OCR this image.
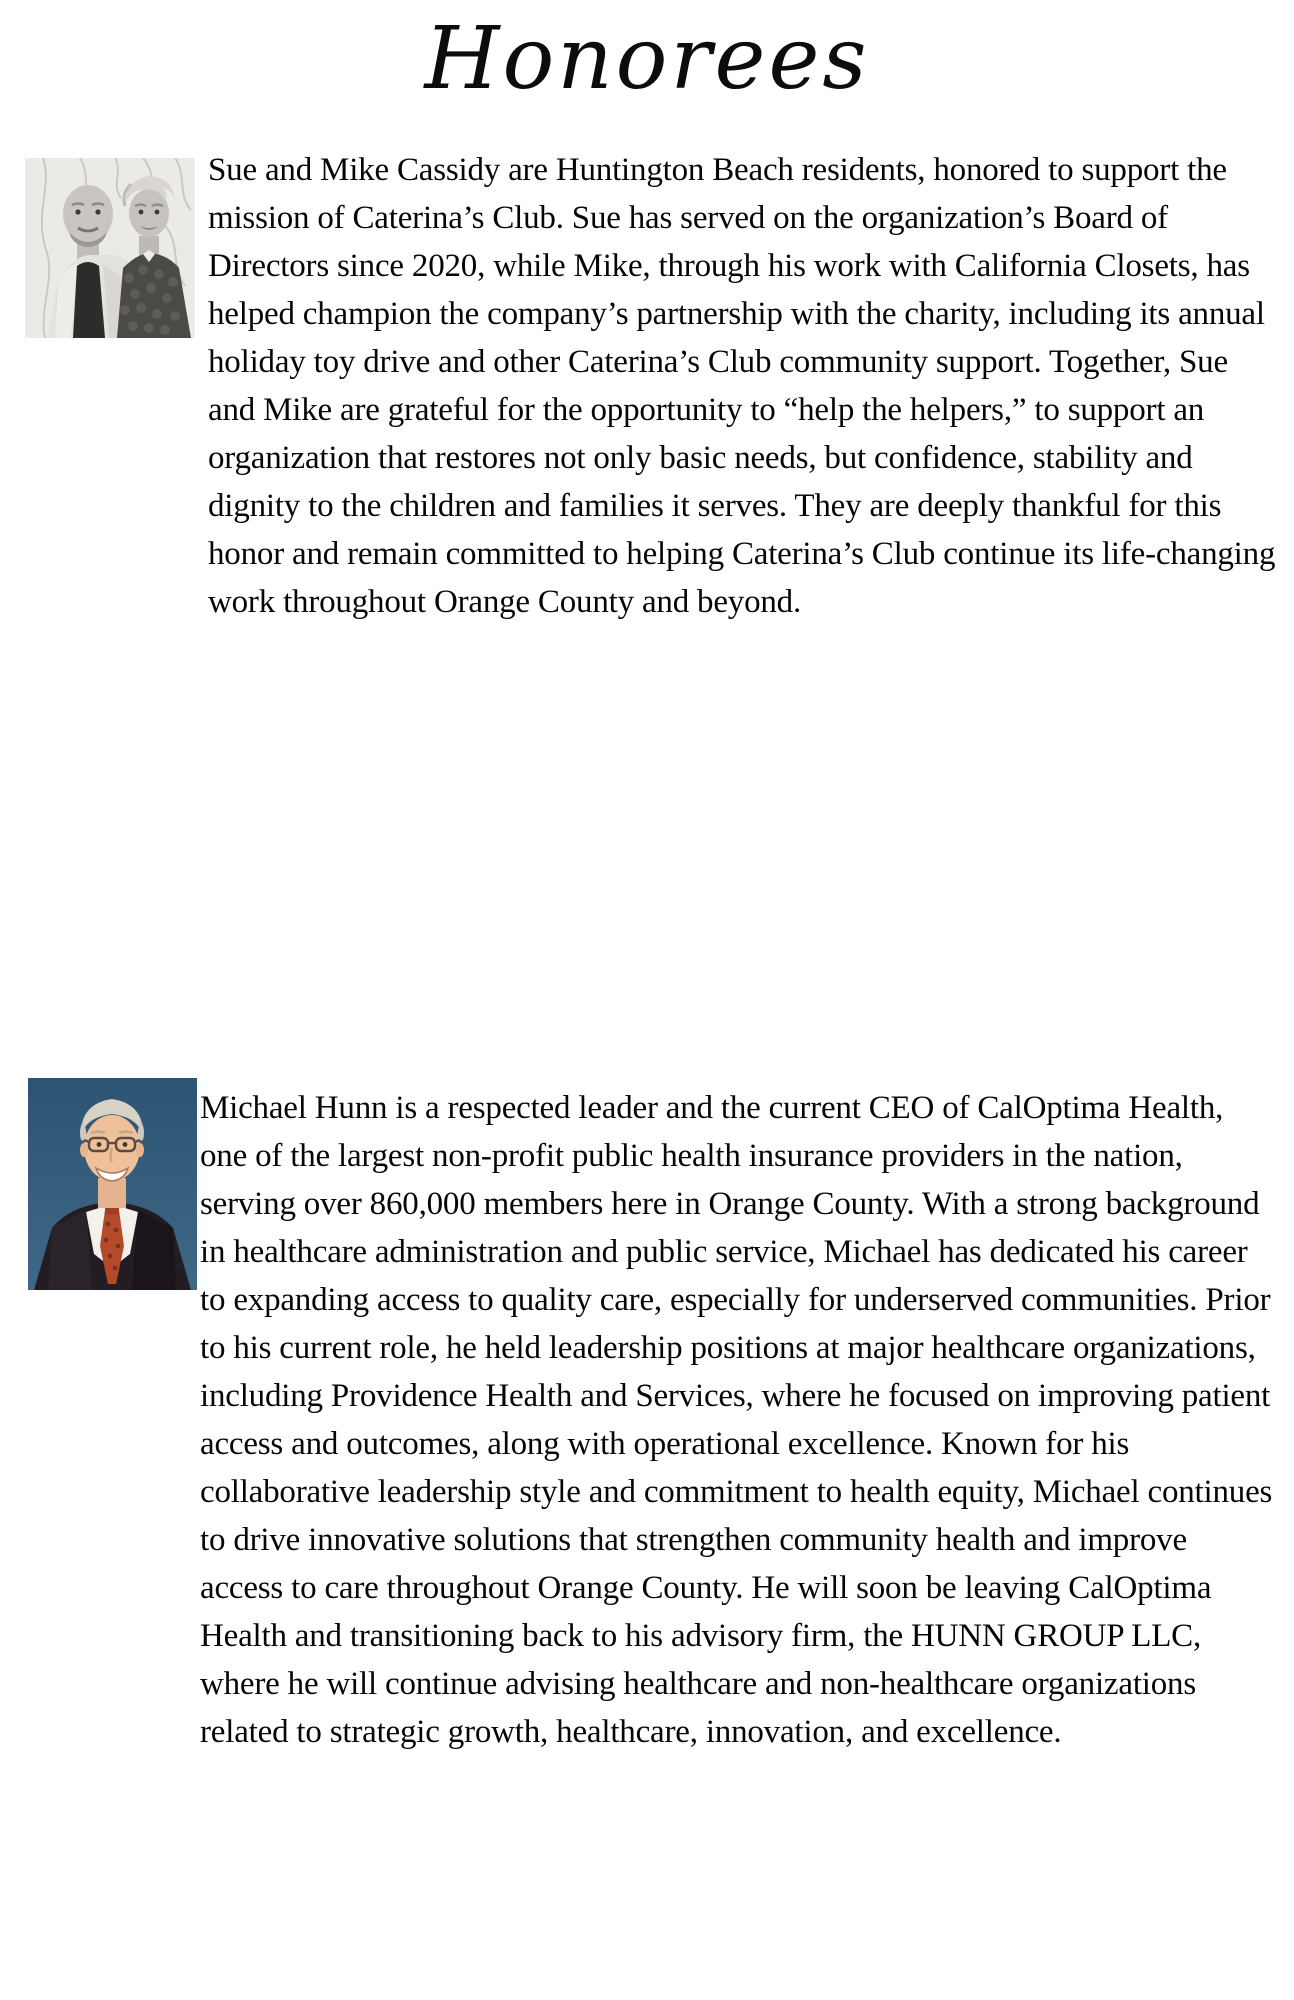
Honorees

Sue and Mike Cassidy are Huntington Beach residents, honored to support the mission of Caterina’s Club. Sue has served on the organization’s Board of Directors since 2020, while Mike, through his work with California Closets, has helped champion the company’s partnership with the charity, including its annual holiday toy drive and other Caterina’s Club community support. Together, Sue and Mike are grateful for the opportunity to “help the helpers,” to support an organization that restores not only basic needs, but confidence, stability and dignity to the children and families it serves. They are deeply thankful for this honor and remain committed to helping Caterina’s Club continue its life-changing work throughout Orange County and beyond.

Michael Hunn is a respected leader and the current CEO of CalOptima Health, one of the largest non-profit public health insurance providers in the nation, serving over 860,000 members here in Orange County. With a strong background in healthcare administration and public service, Michael has dedicated his career to expanding access to quality care, especially for underserved communities. Prior to his current role, he held leadership positions at major healthcare organizations, including Providence Health and Services, where he focused on improving patient access and outcomes, along with operational excellence. Known for his collaborative leadership style and commitment to health equity, Michael continues to drive innovative solutions that strengthen community health and improve access to care throughout Orange County. He will soon be leaving CalOptima Health and transitioning back to his advisory firm, the HUNN GROUP LLC, where he will continue advising healthcare and non-healthcare organizations related to strategic growth, healthcare, innovation, and excellence.
